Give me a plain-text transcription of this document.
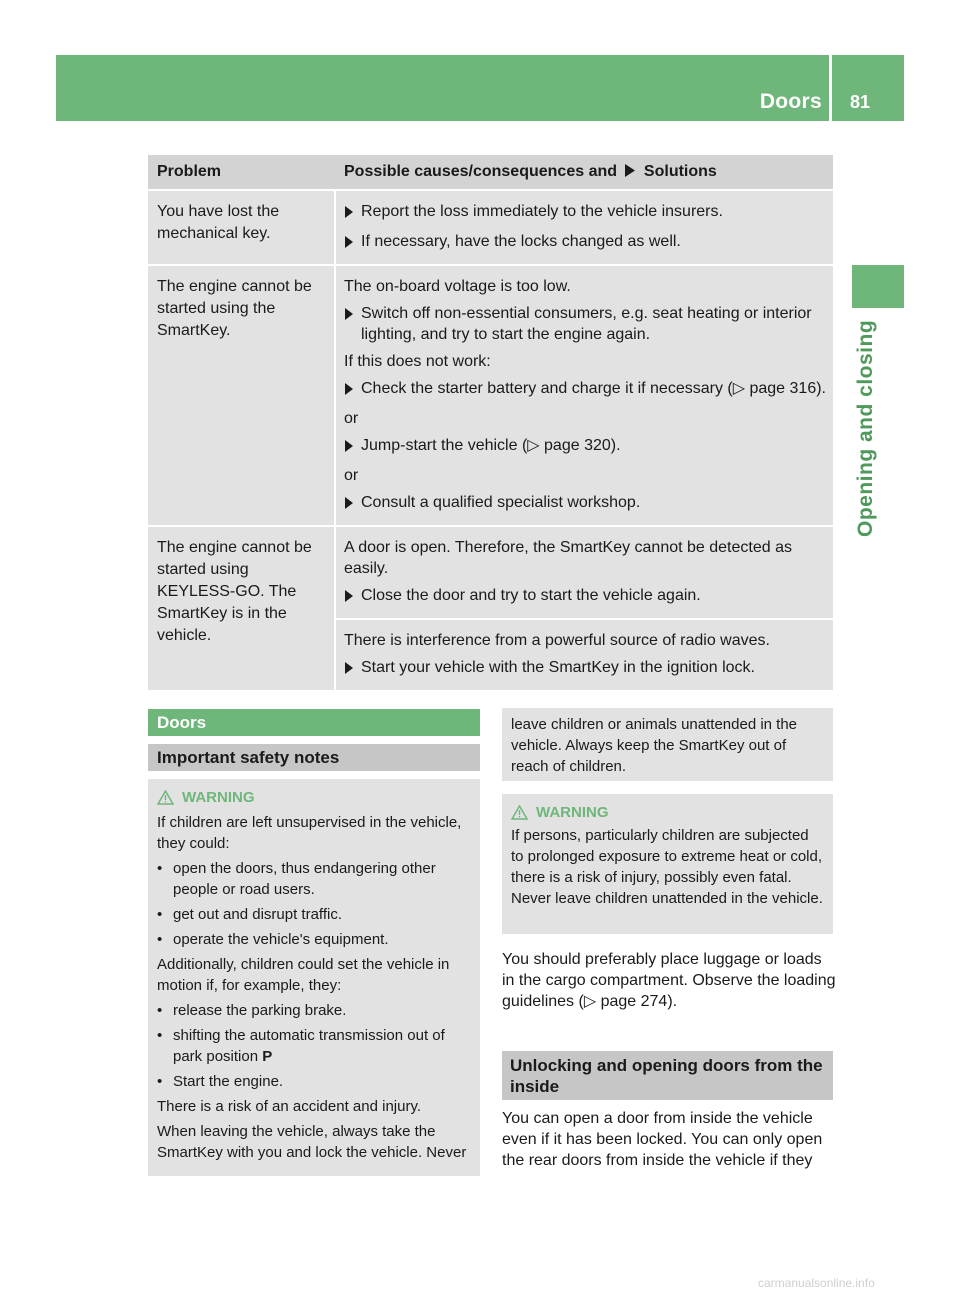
Doors	81
Opening and closing
Problem	Possible causes/consequences and Solutions
You have lost the mechanical key.
Report the loss immediately to the vehicle insurers.
If necessary, have the locks changed as well.
The engine cannot be started using the SmartKey.
The on-board voltage is too low.
Switch off non-essential consumers, e.g. seat heating or interior lighting, and try to start the engine again.
If this does not work:
Check the starter battery and charge it if necessary (▷ page 316).
or
Jump-start the vehicle (▷ page 320).
or
Consult a qualified specialist workshop.
The engine cannot be started using KEYLESS-GO. The SmartKey is in the vehicle.
A door is open. Therefore, the SmartKey cannot be detected as easily.
Close the door and try to start the vehicle again.
There is interference from a powerful source of radio waves.
Start your vehicle with the SmartKey in the ignition lock.
Doors
Important safety notes
WARNING
If children are left unsupervised in the vehicle, they could:
• open the doors, thus endangering other people or road users.
• get out and disrupt traffic.
• operate the vehicle's equipment.
Additionally, children could set the vehicle in motion if, for example, they:
• release the parking brake.
• shifting the automatic transmission out of park position P
• Start the engine.
There is a risk of an accident and injury.
When leaving the vehicle, always take the SmartKey with you and lock the vehicle. Never
leave children or animals unattended in the vehicle. Always keep the SmartKey out of reach of children.
WARNING
If persons, particularly children are subjected to prolonged exposure to extreme heat or cold, there is a risk of injury, possibly even fatal. Never leave children unattended in the vehicle.
You should preferably place luggage or loads in the cargo compartment. Observe the loading guidelines (▷ page 274).
Unlocking and opening doors from the inside
You can open a door from inside the vehicle even if it has been locked. You can only open the rear doors from inside the vehicle if they
carmanualsonline.info
